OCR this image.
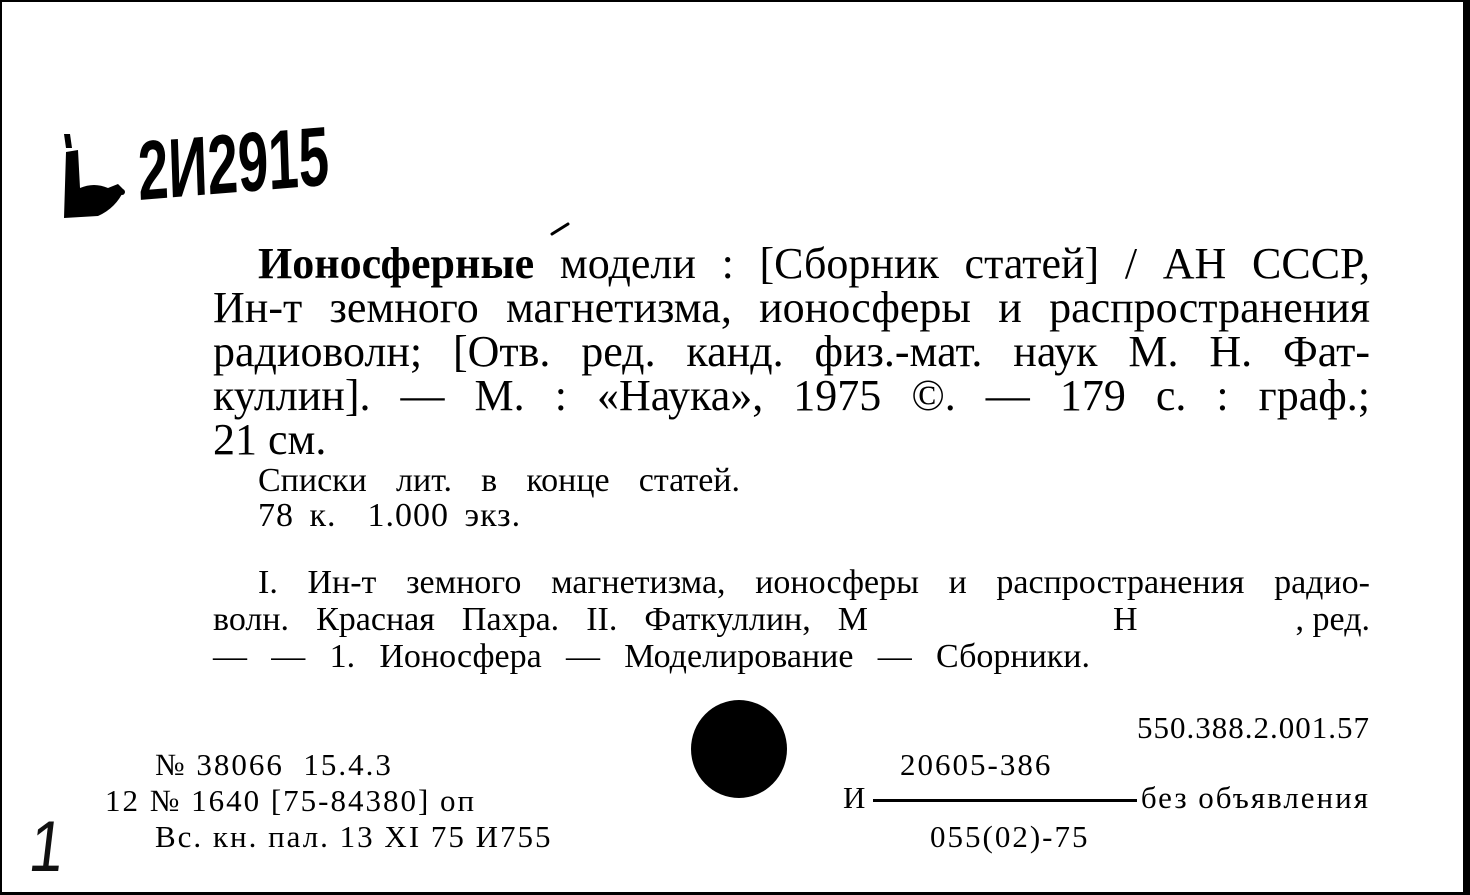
2И2915
Ионосферные модели : [Сборник статей] / АН СССР,
Ин-т земного магнетизма, ионосферы и распространения
радиоволн; [Отв. ред. канд. физ.-мат. наук М. Н. Фат-
куллин]. — М. : «Наука», 1975 ©. — 179 с. : граф.;
21 см.
Списки лит. в конце статей.
78 к.  1.000 экз.
I. Ин-т земного магнетизма, ионосферы и распространения радио-
волн. Красная Пахра. II. Фаткуллин, М	Н	, ред.
— — 1. Ионосфера — Моделирование — Сборники.
550.388.2.001.57
№ 38066  15.4.3
12 № 1640 [75-84380] оп
Вс. кн. пал. 13 XI 75 И755
20605-386
И	без объявления
055(02)-75
1
